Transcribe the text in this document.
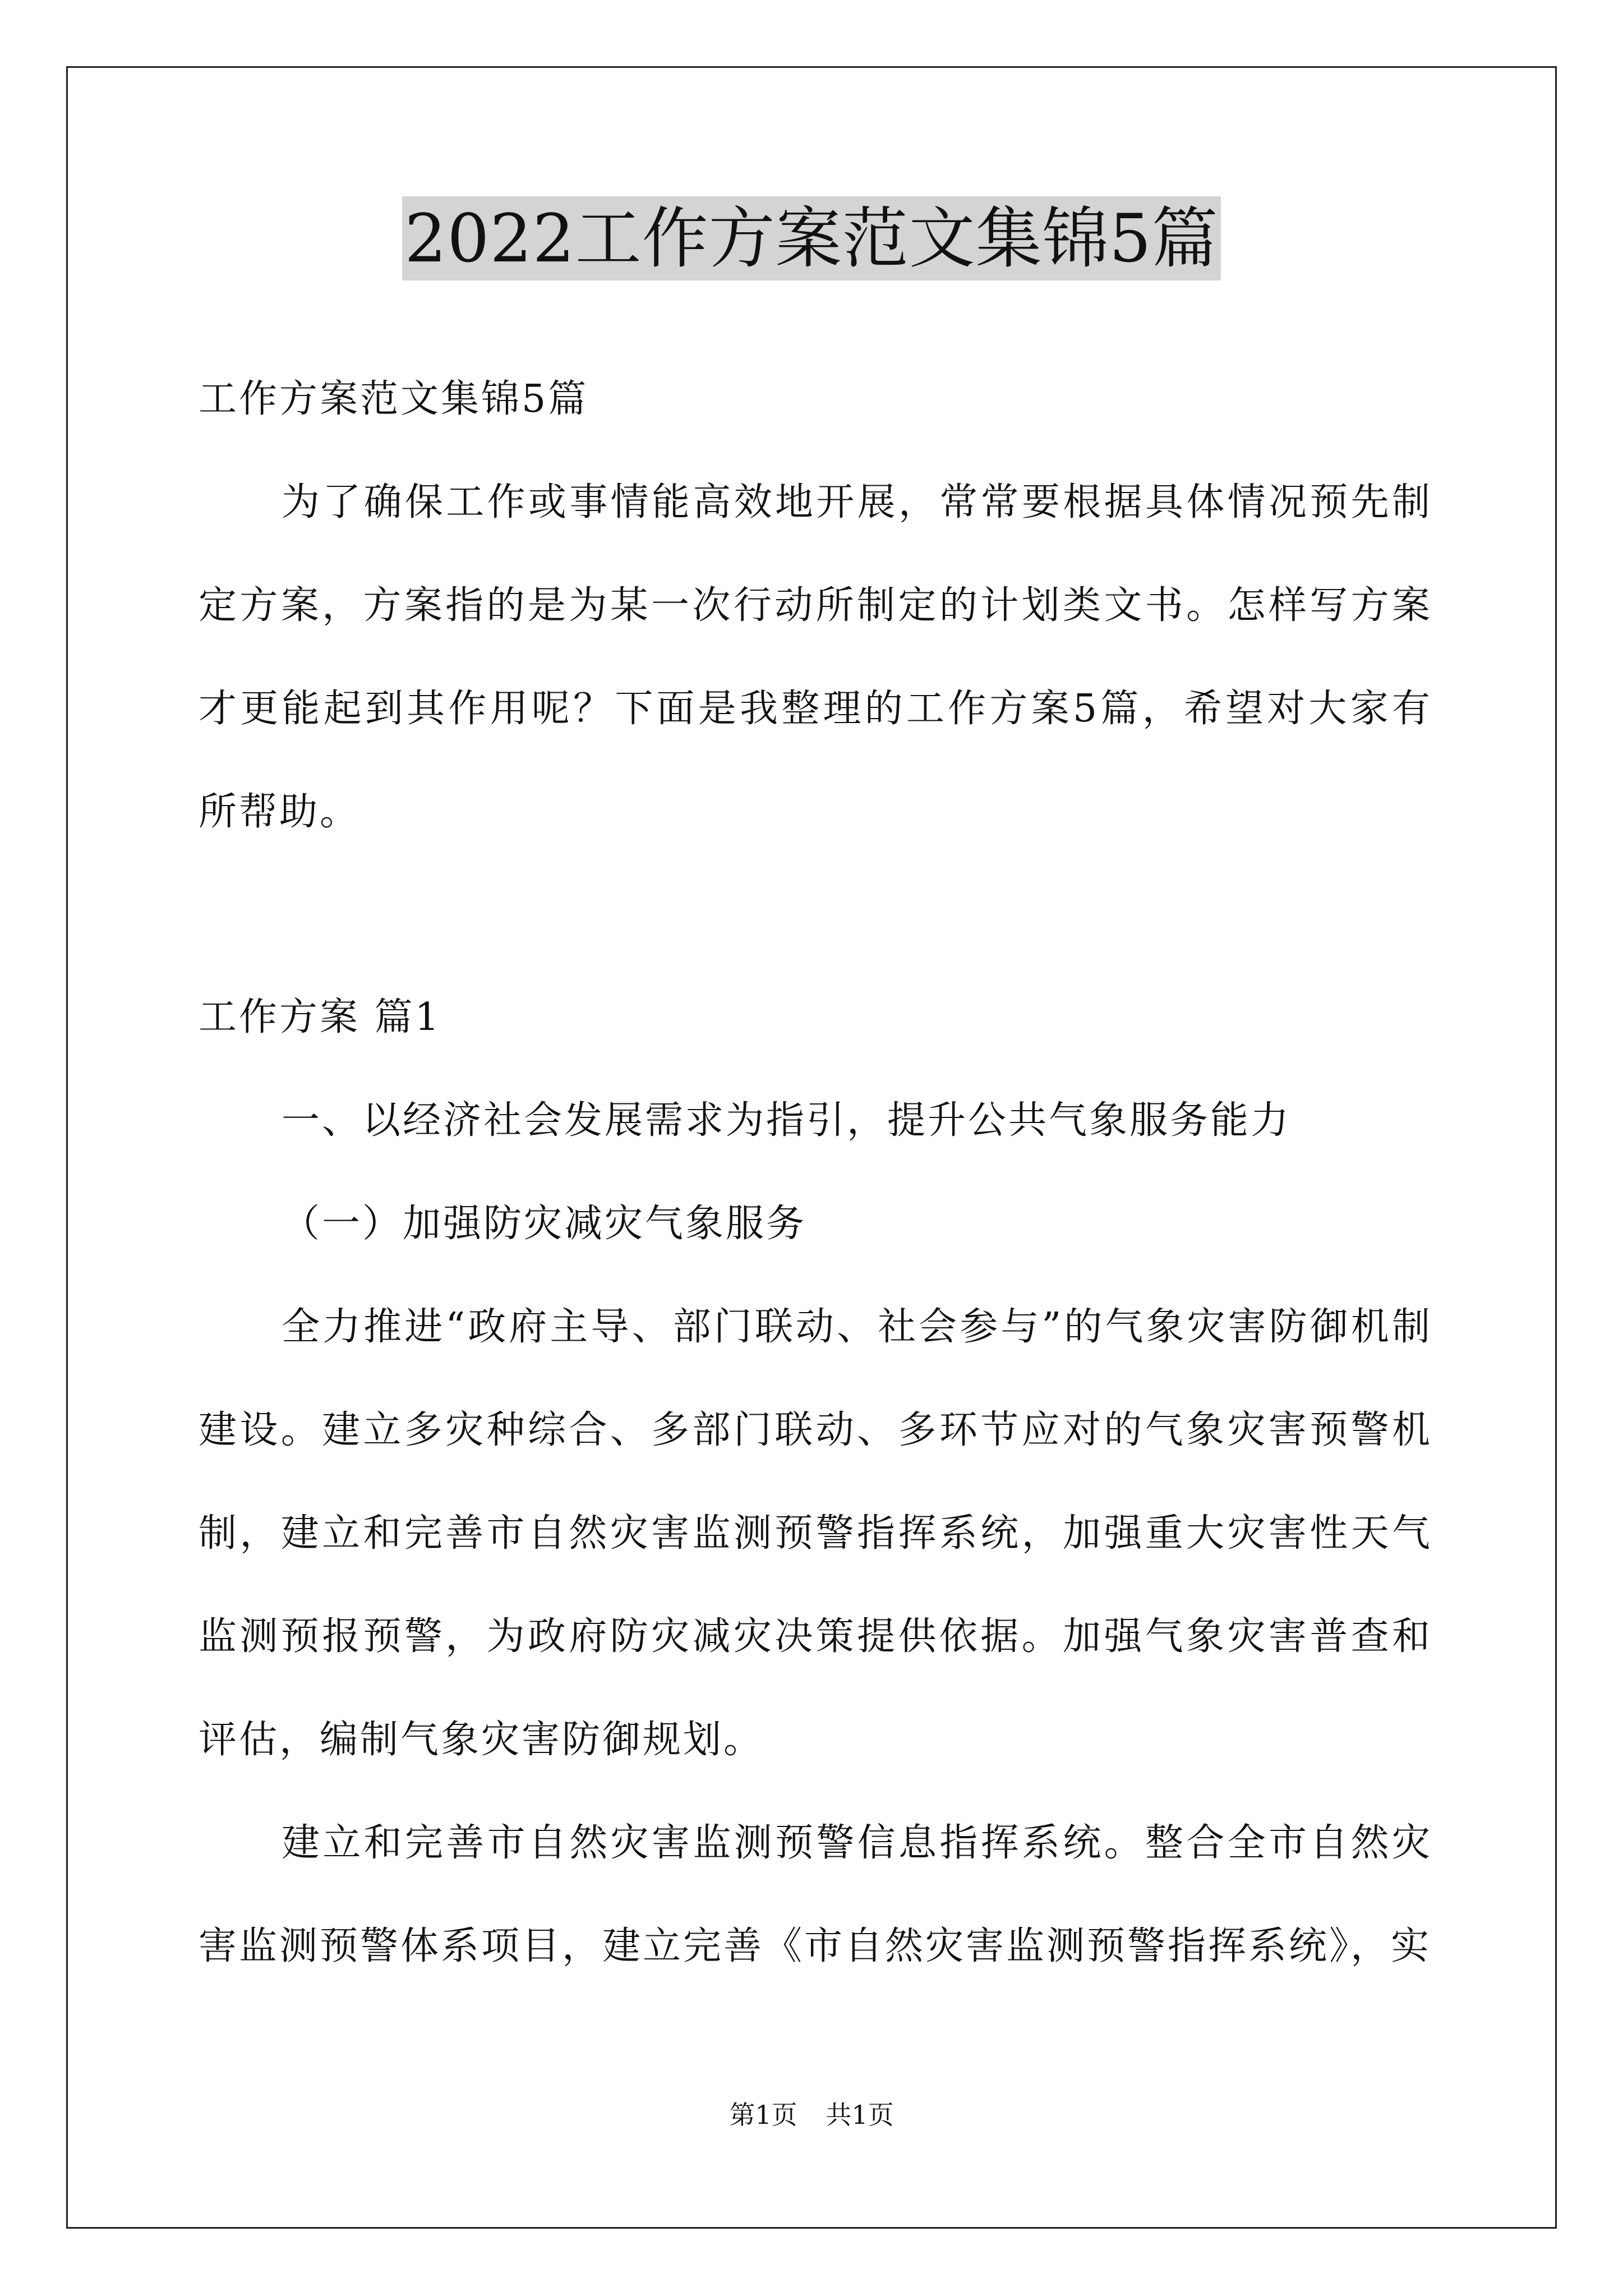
2022工作方案范文集锦5篇

工作方案范文集锦5篇

为了确保工作或事情能高效地开展，常常要根据具体情况预先制定方案，方案指的是为某一次行动所制定的计划类文书。怎样写方案才更能起到其作用呢？下面是我整理的工作方案5篇，希望对大家有所帮助。

工作方案 篇1

一、以经济社会发展需求为指引，提升公共气象服务能力

（一）加强防灾减灾气象服务

全力推进“政府主导、部门联动、社会参与”的气象灾害防御机制建设。建立多灾种综合、多部门联动、多环节应对的气象灾害预警机制，建立和完善市自然灾害监测预警指挥系统，加强重大灾害性天气监测预报预警，为政府防灾减灾决策提供依据。加强气象灾害普查和评估，编制气象灾害防御规划。

建立和完善市自然灾害监测预警信息指挥系统。整合全市自然灾害监测预警体系项目，建立完善《市自然灾害监测预警指挥系统》，实

第1页 共1页
